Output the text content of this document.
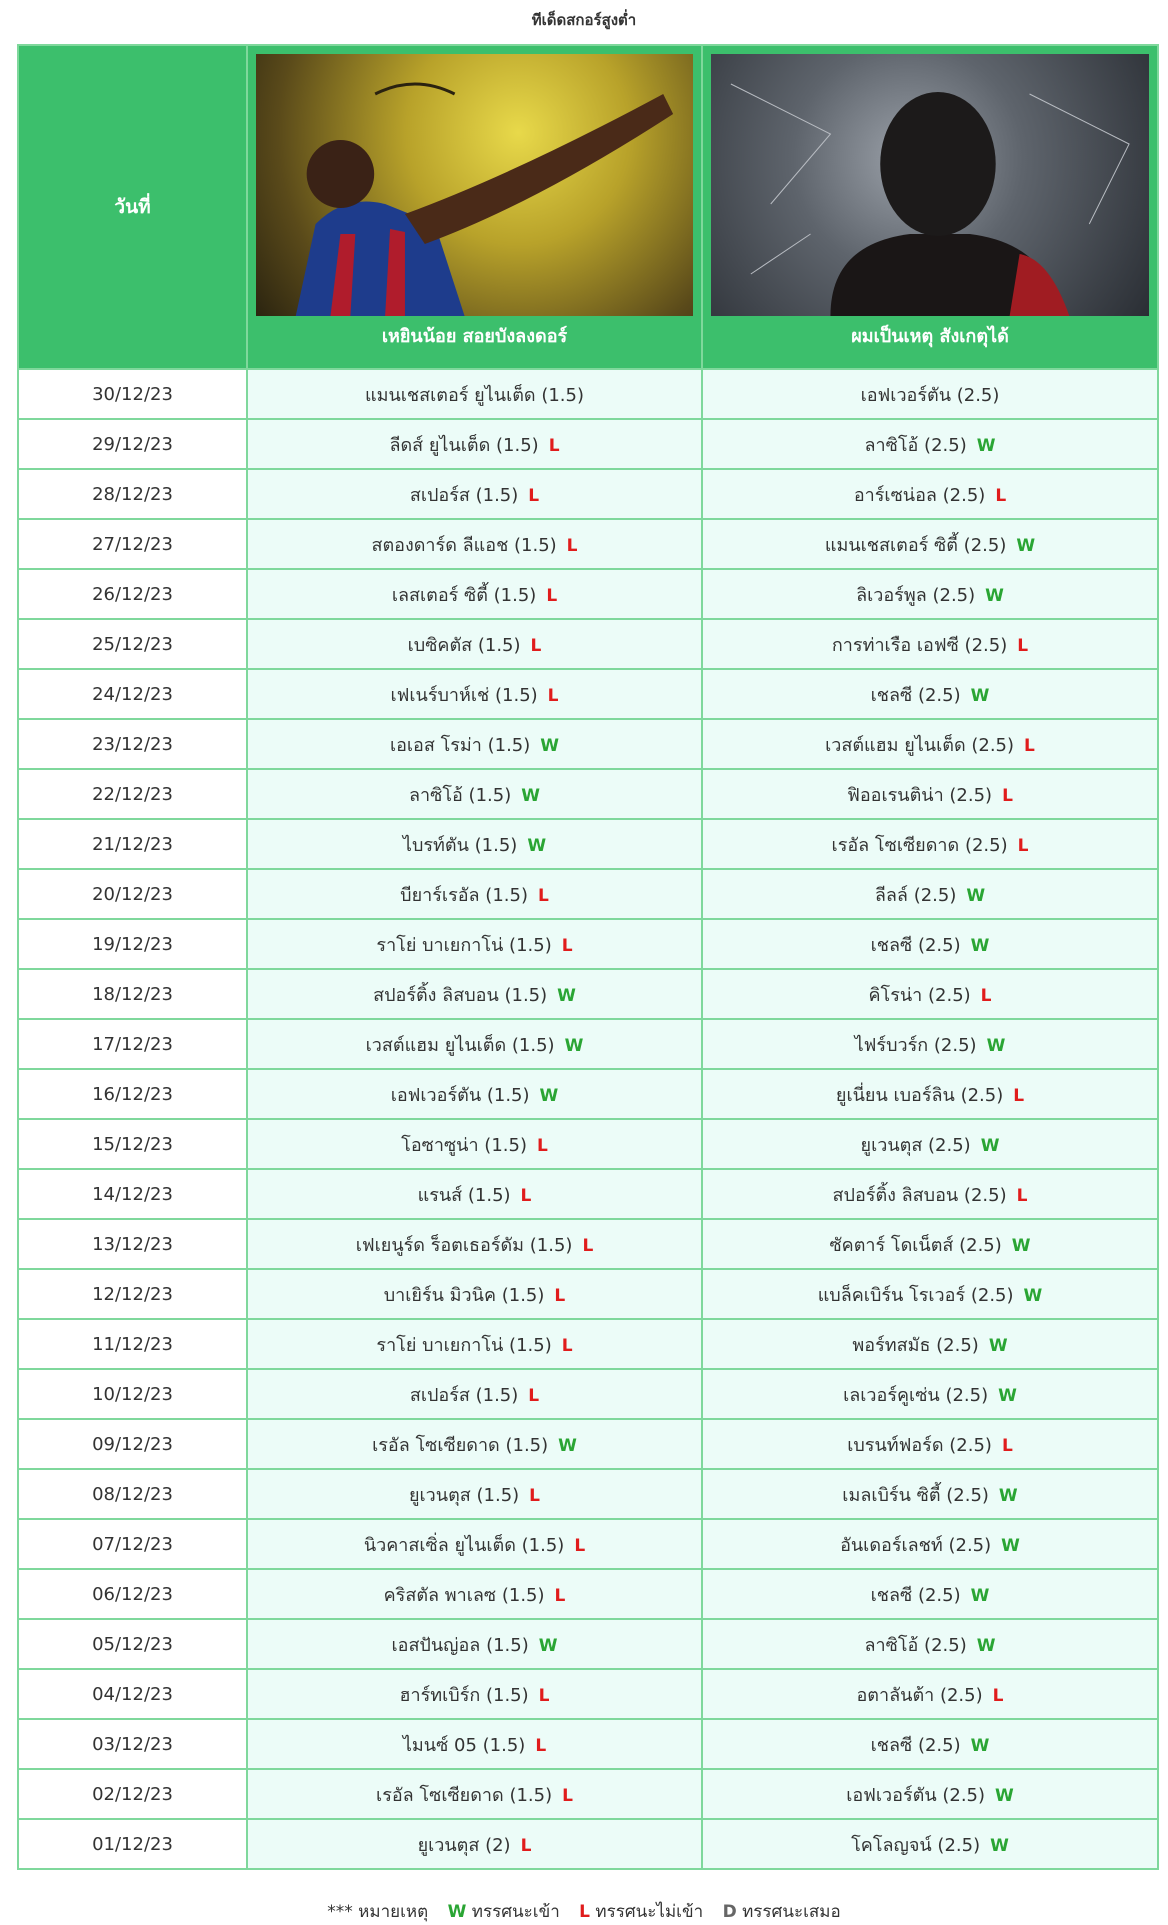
ทีเด็ดสกอร์สูงต่ำ
วันที่	เหยินน้อย สอยบังลงดอร์	ผมเป็นเหตุ สังเกตุได้

30/12/23	แมนเชสเตอร์ ยูไนเต็ด (1.5)	เอฟเวอร์ตัน (2.5)
29/12/23	ลีดส์ ยูไนเต็ด (1.5) L	ลาซิโอ้ (2.5) W
28/12/23	สเปอร์ส (1.5) L	อาร์เซน่อล (2.5) L
27/12/23	สตองดาร์ด ลีแอช (1.5) L	แมนเชสเตอร์ ซิตี้ (2.5) W
26/12/23	เลสเตอร์ ซิตี้ (1.5) L	ลิเวอร์พูล (2.5) W
25/12/23	เบซิคตัส (1.5) L	การท่าเรือ เอฟซี (2.5) L
24/12/23	เฟเนร์บาห์เช่ (1.5) L	เชลซี (2.5) W
23/12/23	เอเอส โรม่า (1.5) W	เวสต์แฮม ยูไนเต็ด (2.5) L
22/12/23	ลาซิโอ้ (1.5) W	ฟิออเรนติน่า (2.5) L
21/12/23	ไบรท์ตัน (1.5) W	เรอัล โซเซียดาด (2.5) L
20/12/23	บียาร์เรอัล (1.5) L	ลีลล์ (2.5) W
19/12/23	ราโย่ บาเยกาโน่ (1.5) L	เชลซี (2.5) W
18/12/23	สปอร์ติ้ง ลิสบอน (1.5) W	คิโรน่า (2.5) L
17/12/23	เวสต์แฮม ยูไนเต็ด (1.5) W	ไฟร์บวร์ก (2.5) W
16/12/23	เอฟเวอร์ตัน (1.5) W	ยูเนี่ยน เบอร์ลิน (2.5) L
15/12/23	โอซาซูน่า (1.5) L	ยูเวนตุส (2.5) W
14/12/23	แรนส์ (1.5) L	สปอร์ติ้ง ลิสบอน (2.5) L
13/12/23	เฟเยนูร์ด ร็อตเธอร์ดัม (1.5) L	ซัคตาร์ โดเน็ตส์ (2.5) W
12/12/23	บาเยิร์น มิวนิค (1.5) L	แบล็คเบิร์น โรเวอร์ (2.5) W
11/12/23	ราโย่ บาเยกาโน่ (1.5) L	พอร์ทสมัธ (2.5) W
10/12/23	สเปอร์ส (1.5) L	เลเวอร์คูเซ่น (2.5) W
09/12/23	เรอัล โซเซียดาด (1.5) W	เบรนท์ฟอร์ด (2.5) L
08/12/23	ยูเวนตุส (1.5) L	เมลเบิร์น ซิตี้ (2.5) W
07/12/23	นิวคาสเซิ่ล ยูไนเต็ด (1.5) L	อันเดอร์เลชท์ (2.5) W
06/12/23	คริสตัล พาเลซ (1.5) L	เชลซี (2.5) W
05/12/23	เอสปันญ่อล (1.5) W	ลาซิโอ้ (2.5) W
04/12/23	ฮาร์ทเบิร์ก (1.5) L	อตาลันต้า (2.5) L
03/12/23	ไมนซ์ 05 (1.5) L	เชลซี (2.5) W
02/12/23	เรอัล โซเซียดาด (1.5) L	เอฟเวอร์ตัน (2.5) W
01/12/23	ยูเวนตุส (2) L	โคโลญจน์ (2.5) W
*** หมายเหตุ W ทรรศนะเข้า L ทรรศนะไม่เข้า D ทรรศนะเสมอ
